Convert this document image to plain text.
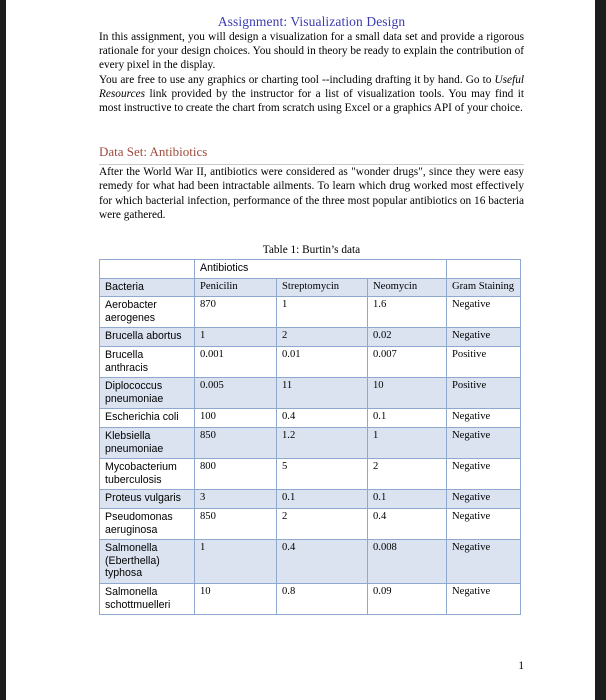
Assignment: Visualization Design

In this assignment, you will design a visualization for a small data set and provide a rigorous rationale for your design choices. You should in theory be ready to explain the contribution of every pixel in the display.

You are free to use any graphics or charting tool --including drafting it by hand. Go to Useful Resources link provided by the instructor for a list of visualization tools. You may find it most instructive to create the chart from scratch using Excel or a graphics API of your choice.

Data Set: Antibiotics

After the World War II, antibiotics were considered as "wonder drugs", since they were easy remedy for what had been intractable ailments. To learn which drug worked most effectively for which bacterial infection, performance of the three most popular antibiotics on 16 bacteria were gathered.

Table 1: Burtin’s data
	Antibiotics			
Bacteria	Penicilin	Streptomycin	Neomycin	Gram Staining
Aerobacter aerogenes	870	1	1.6	Negative
Brucella abortus	1	2	0.02	Negative
Brucella anthracis	0.001	0.01	0.007	Positive
Diplococcus pneumoniae	0.005	11	10	Positive
Escherichia coli	100	0.4	0.1	Negative
Klebsiella pneumoniae	850	1.2	1	Negative
Mycobacterium tuberculosis	800	5	2	Negative
Proteus vulgaris	3	0.1	0.1	Negative
Pseudomonas aeruginosa	850	2	0.4	Negative
Salmonella (Eberthella) typhosa	1	0.4	0.008	Negative
Salmonella schottmuelleri	10	0.8	0.09	Negative
1
